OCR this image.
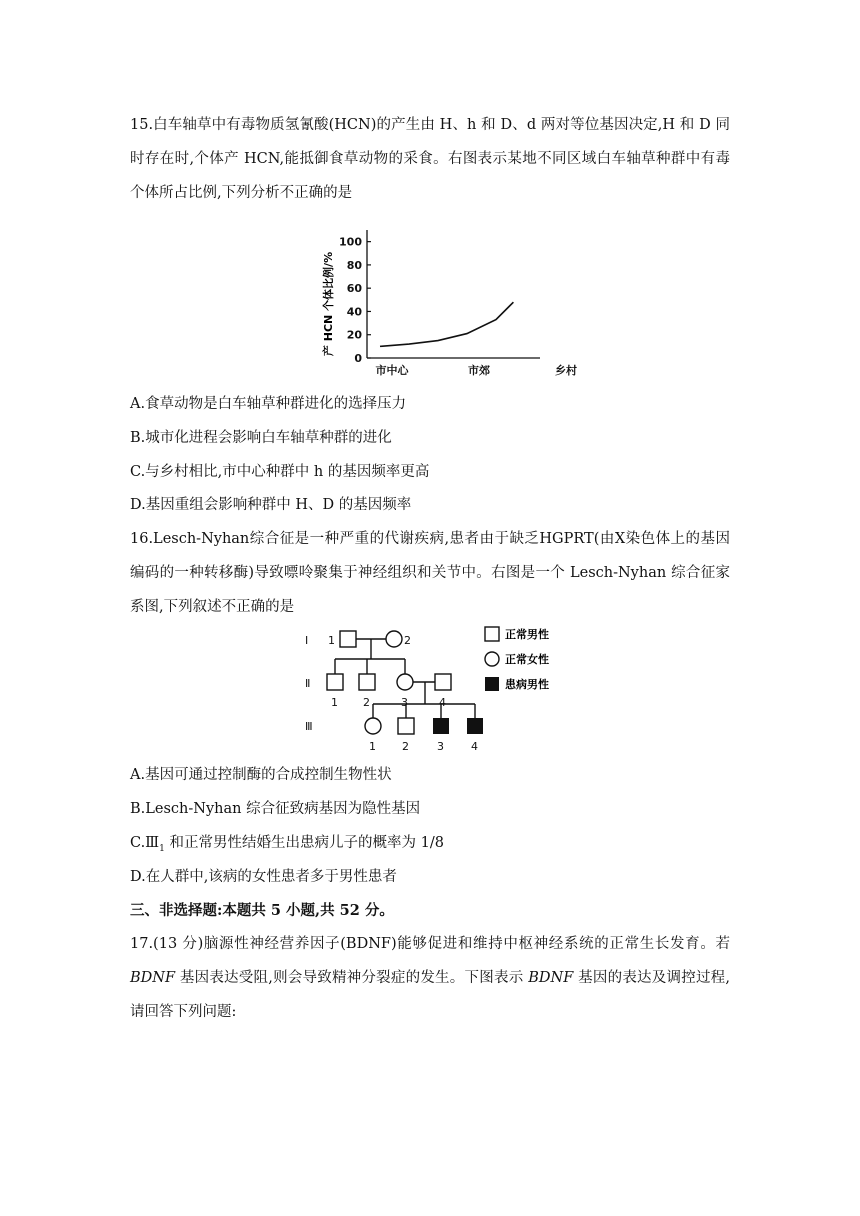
15.白车轴草中有毒物质氢氰酸(HCN)的产生由 H、h 和 D、d 两对等位基因决定,H 和 D 同时存在时,个体产 HCN,能抵御食草动物的采食。右图表示某地不同区域白车轴草种群中有毒个体所占比例,下列分析不正确的是
0
20
40
60
80
100
市中心	市郊	乡村
产 HCN 个体比例/%
A.食草动物是白车轴草种群进化的选择压力
B.城市化进程会影响白车轴草种群的进化
C.与乡村相比,市中心种群中 h 的基因频率更高
D.基因重组会影响种群中 H、D 的基因频率
16.Lesch-Nyhan综合征是一种严重的代谢疾病,患者由于缺乏HGPRT(由X染色体上的基因编码的一种转移酶)导致嘌呤聚集于神经组织和关节中。右图是一个 Lesch-Nyhan 综合征家系图,下列叙述不正确的是
Ⅰ
Ⅱ
Ⅲ
1	2
1 2	3	4
1 2	3 4
正常男性
正常女性
患病男性
A.基因可通过控制酶的合成控制生物性状
B.Lesch-Nyhan 综合征致病基因为隐性基因
$C.Ⅲ_1$ 和正常男性结婚生出患病儿子的概率为 1/8
D.在人群中,该病的女性患者多于男性患者
三、非选择题:本题共 5 小题,共 52 分。
17.(13 分)脑源性神经营养因子(BDNF)能够促进和维持中枢神经系统的正常生长发育。若 BDNF 基因表达受阻,则会导致精神分裂症的发生。下图表示 BDNF 基因的表达及调控过程,请回答下列问题:
